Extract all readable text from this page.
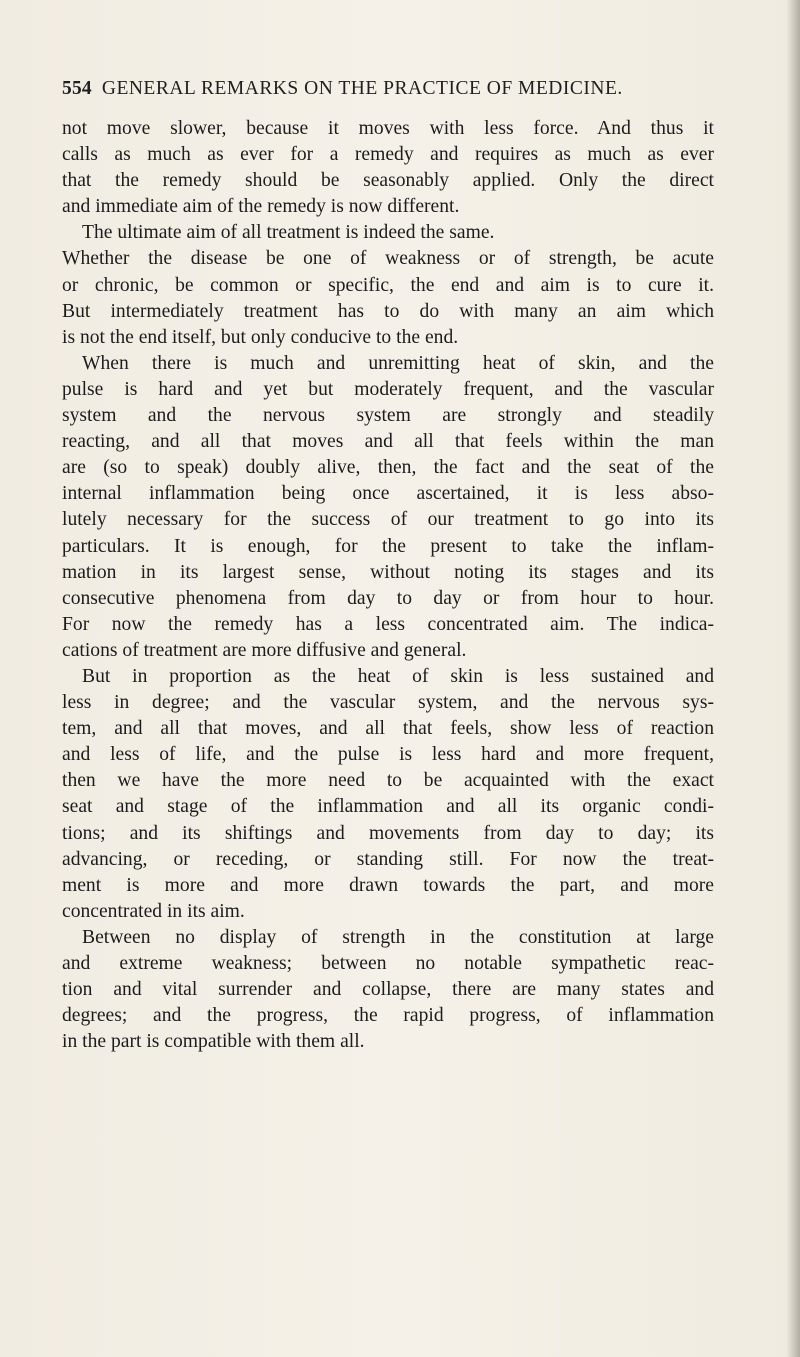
554 GENERAL REMARKS ON THE PRACTICE OF MEDICINE.
not move slower, because it moves with less force. And thus it
calls as much as ever for a remedy and requires as much as ever
that the remedy should be seasonably applied. Only the direct
and immediate aim of the remedy is now different.
The ultimate aim of all treatment is indeed the same.
Whether the disease be one of weakness or of strength, be acute
or chronic, be common or specific, the end and aim is to cure it.
But intermediately treatment has to do with many an aim which
is not the end itself, but only conducive to the end.
When there is much and unremitting heat of skin, and the
pulse is hard and yet but moderately frequent, and the vascular
system and the nervous system are strongly and steadily
reacting, and all that moves and all that feels within the man
are (so to speak) doubly alive, then, the fact and the seat of the
internal inflammation being once ascertained, it is less abso-
lutely necessary for the success of our treatment to go into its
particulars. It is enough, for the present to take the inflam-
mation in its largest sense, without noting its stages and its
consecutive phenomena from day to day or from hour to hour.
For now the remedy has a less concentrated aim. The indica-
cations of treatment are more diffusive and general.
But in proportion as the heat of skin is less sustained and
less in degree; and the vascular system, and the nervous sys-
tem, and all that moves, and all that feels, show less of reaction
and less of life, and the pulse is less hard and more frequent,
then we have the more need to be acquainted with the exact
seat and stage of the inflammation and all its organic condi-
tions; and its shiftings and movements from day to day; its
advancing, or receding, or standing still. For now the treat-
ment is more and more drawn towards the part, and more
concentrated in its aim.
Between no display of strength in the constitution at large
and extreme weakness; between no notable sympathetic reac-
tion and vital surrender and collapse, there are many states and
degrees; and the progress, the rapid progress, of inflammation
in the part is compatible with them all.
